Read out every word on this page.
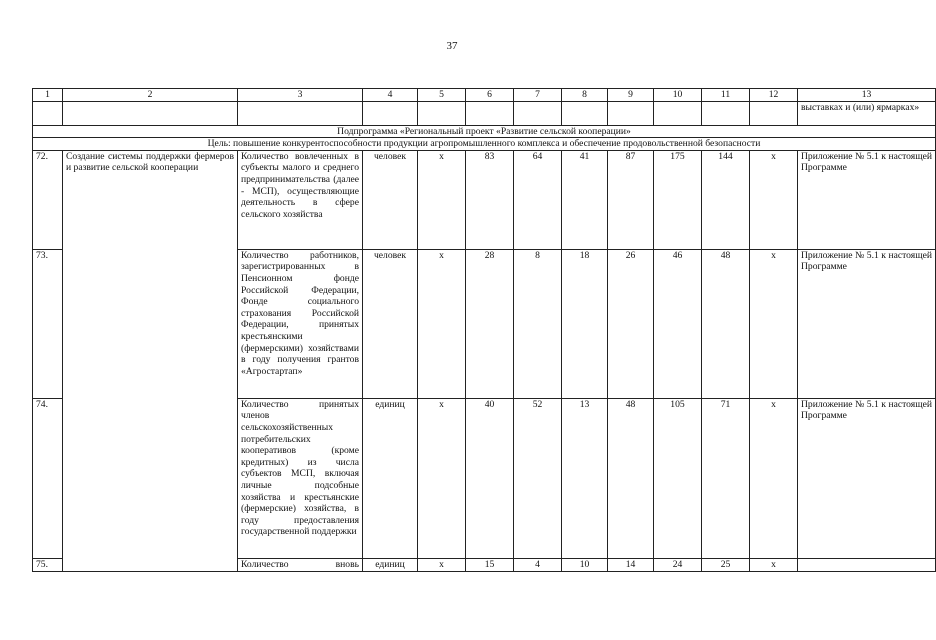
37
1	2	3	4	5	6	7	8	9	10	11	12	13
												выставках и (или) ярмарках»
Подпрограмма «Региональный проект «Развитие сельской кооперации»												
Цель: повышение конкурентоспособности продукции агропромышленного комплекса и обеспечение продовольственной безопасности												
72.	Создание системы поддержки фермеров и развитие сельской кооперации	Количество вовлеченных в субъекты малого и среднего предпринимательства (далее - МСП), осуществляющие деятельность в сфере сельского хозяйства	человек	х	83	64	41	87	175	144	х	Приложение № 5.1 к настоящей Программе
73.		Количество работников, зарегистрированных в Пенсионном фонде Российской Федерации, Фонде социального страхования Российской Федерации, принятых крестьянскими (фермерскими) хозяйствами в году получения грантов «Агростартап»	человек	х	28	8	18	26	46	48	х	Приложение № 5.1 к настоящей Программе
74.		Количество принятых членов сельскохозяйственных потребительских кооперативов (кроме кредитных) из числа субъектов МСП, включая личные подсобные хозяйства и крестьянские (фермерские) хозяйства, в году предоставления государственной поддержки	единиц	х	40	52	13	48	105	71	х	Приложение № 5.1 к настоящей Программе
75.		Количество вновь	единиц	х	15	4	10	14	24	25	х	
